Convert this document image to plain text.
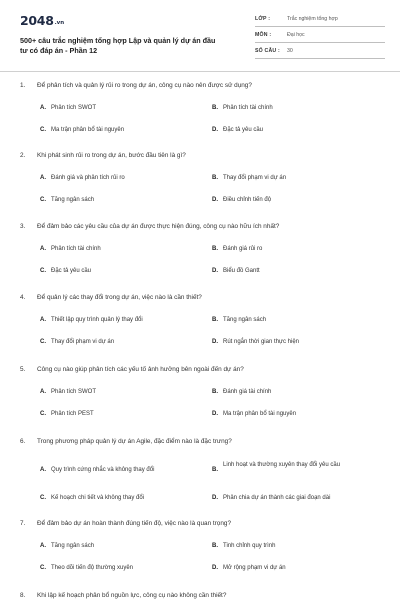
2048.vn
500+ câu trắc nghiệm tổng hợp Lập và quản lý dự án đầu tư có đáp án - Phần 12
LỚP :	Trắc nghiệm tổng hợp
MÔN :	Đại học
SỐ CÂU : 30
1. Để phân tích và quản lý rủi ro trong dự án, công cụ nào nên được sử dụng?
A. Phân tích SWOT	B. Phân tích tài chính
C. Ma trận phân bổ tài nguyên	D. Đặc tả yêu cầu
2. Khi phát sinh rủi ro trong dự án, bước đầu tiên là gì?
A. Đánh giá và phân tích rủi ro	B. Thay đổi phạm vi dự án
C. Tăng ngân sách	D. Điều chỉnh tiến độ
3. Để đảm bảo các yêu cầu của dự án được thực hiện đúng, công cụ nào hữu ích nhất?
A. Phân tích tài chính	B. Đánh giá rủi ro
C. Đặc tả yêu cầu	D. Biểu đồ Gantt
4. Để quản lý các thay đổi trong dự án, việc nào là cần thiết?
A. Thiết lập quy trình quản lý thay đổi	B. Tăng ngân sách
C. Thay đổi phạm vi dự án	D. Rút ngắn thời gian thực hiện
5. Công cụ nào giúp phân tích các yếu tố ảnh hưởng bên ngoài đến dự án?
A. Phân tích SWOT	B. Đánh giá tài chính
C. Phân tích PEST	D. Ma trận phân bổ tài nguyên
6. Trong phương pháp quản lý dự án Agile, đặc điểm nào là đặc trưng?
A. Quy trình cứng nhắc và không thay đổi	B.
Linh hoạt và thường xuyên thay đổi yêu cầu
C. Kế hoạch chi tiết và không thay đổi	D. Phân chia dự án thành các giai đoạn dài
7. Để đảm bảo dự án hoàn thành đúng tiến độ, việc nào là quan trọng?
A. Tăng ngân sách	B. Tinh chỉnh quy trình
C. Theo dõi tiến độ thường xuyên	D. Mở rộng phạm vi dự án
8. Khi lập kế hoạch phân bổ nguồn lực, công cụ nào không cần thiết?
